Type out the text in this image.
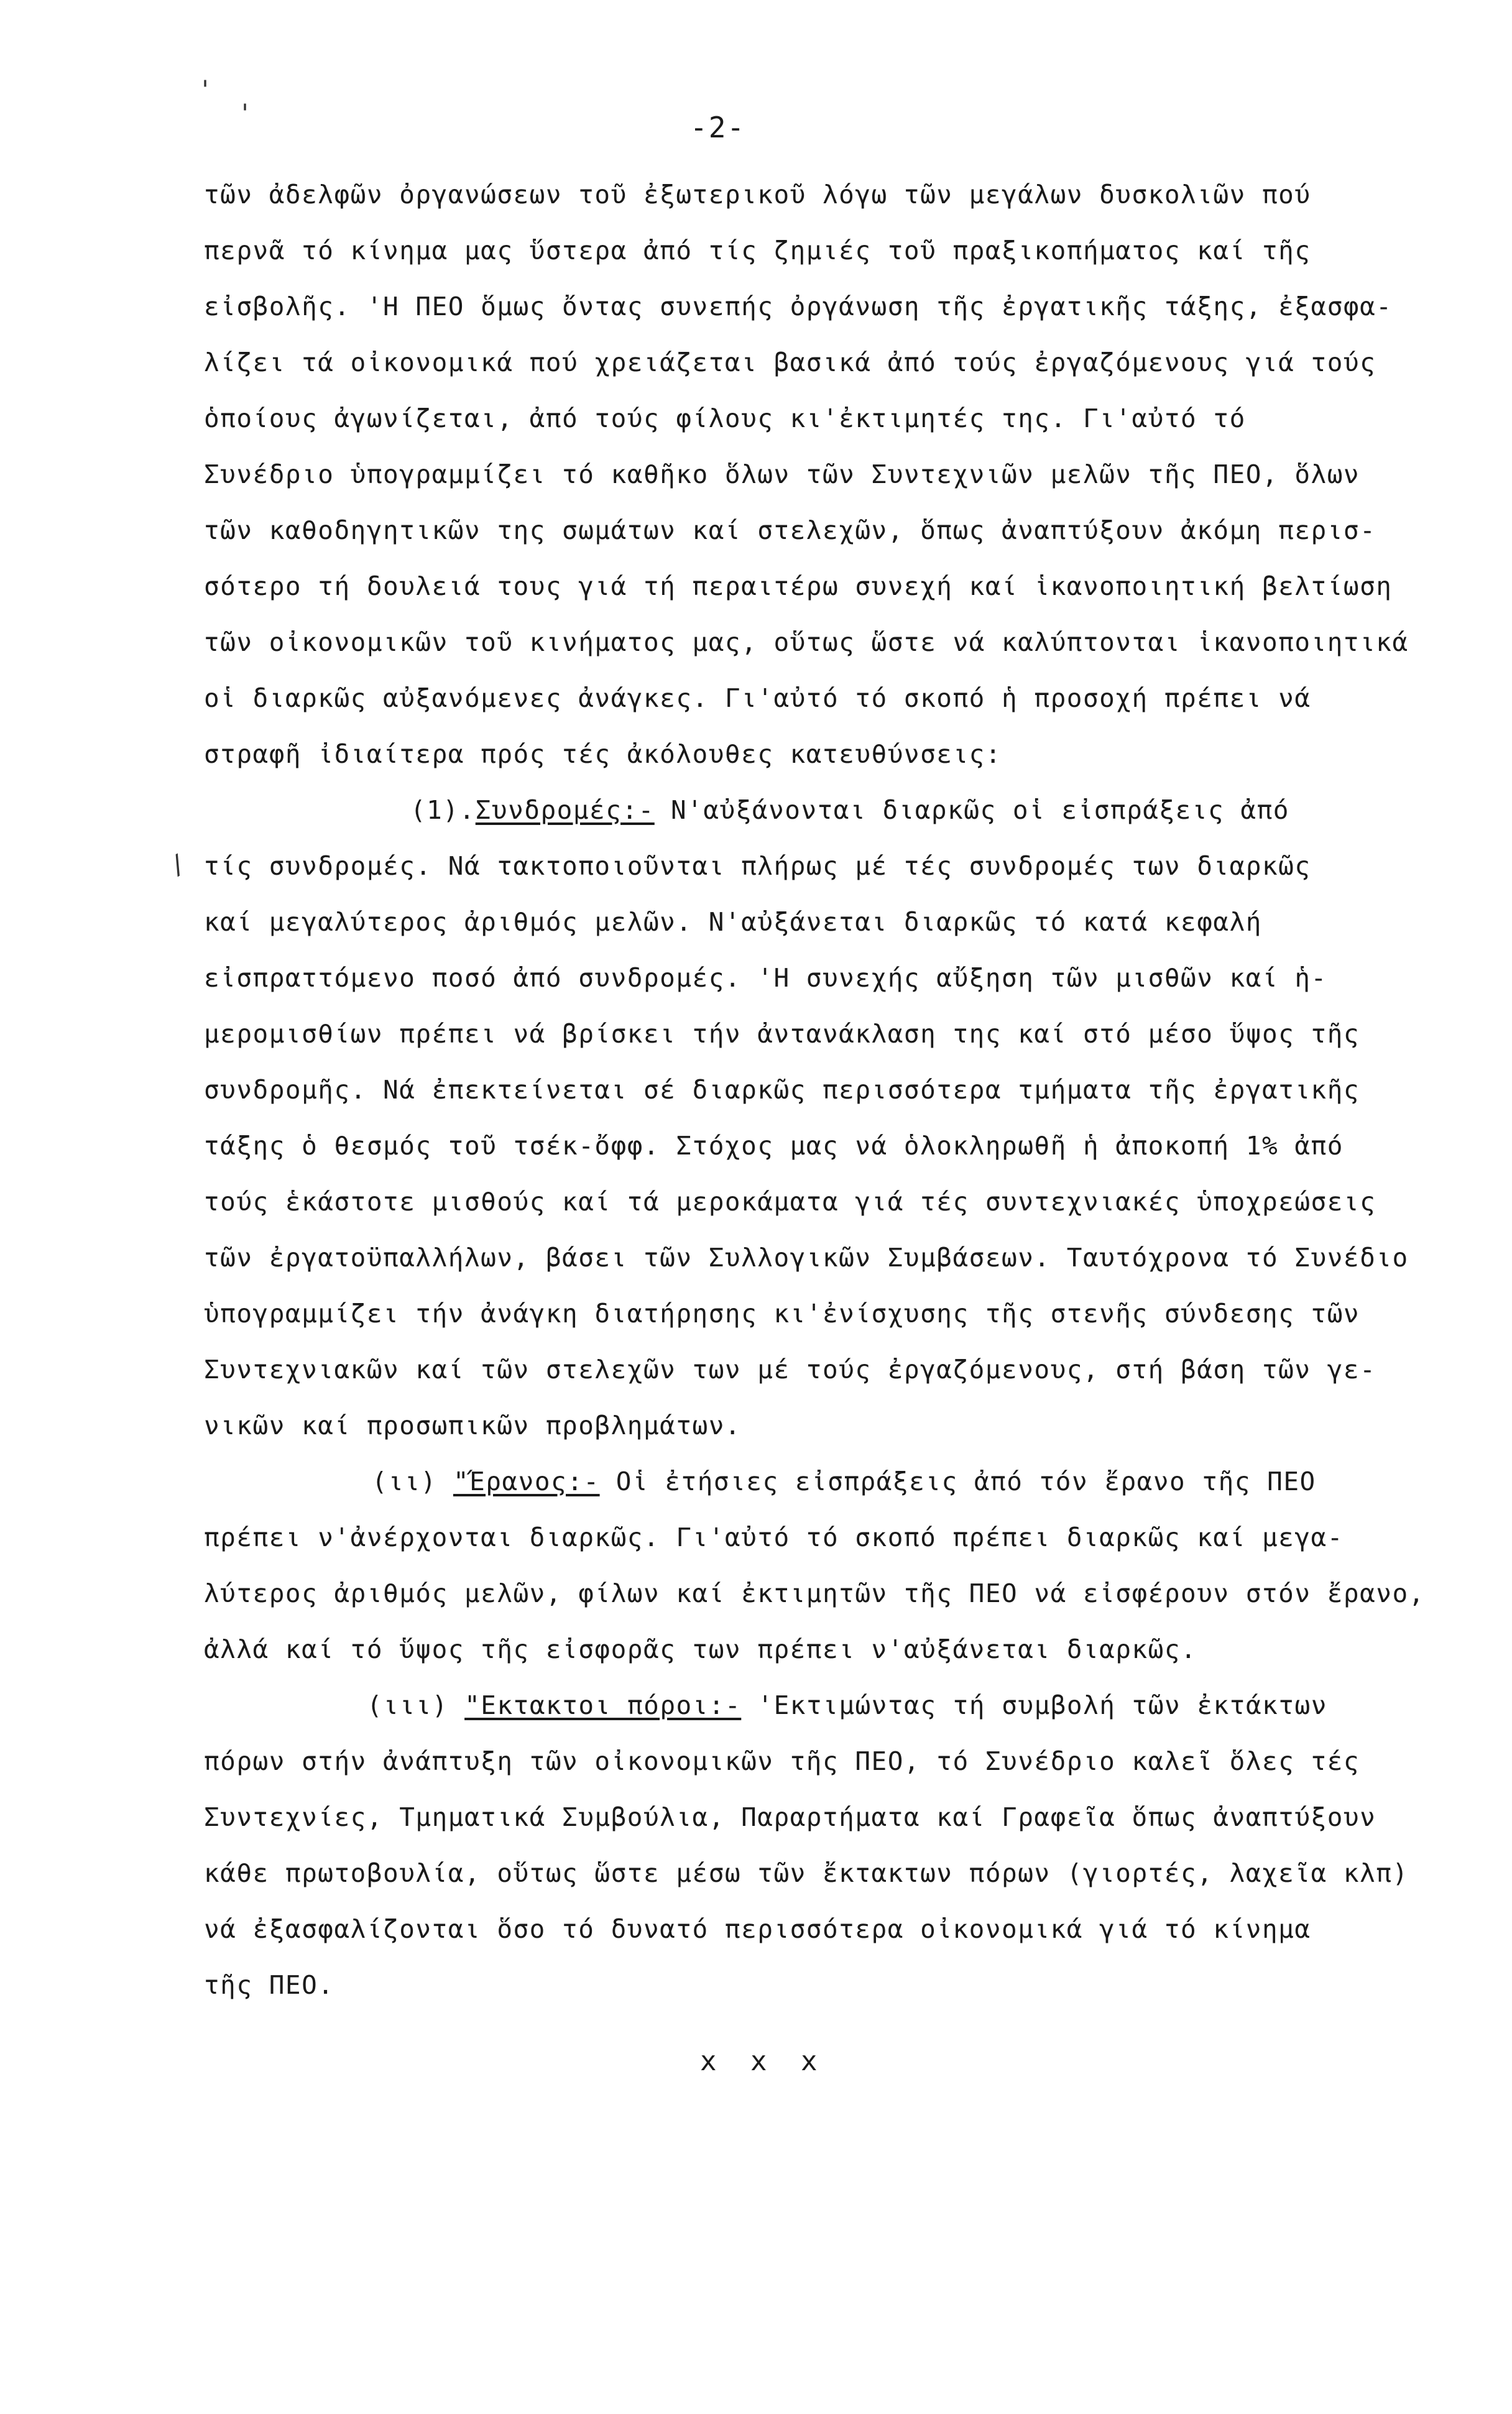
-2-
'
'
/
τῶν ἀδελφῶν ὀργανώσεων τοῦ ἐξωτερικοῦ λόγω τῶν μεγάλων δυσκολιῶν πού
περνᾶ τό κίνημα μας ὕστερα ἀπό τίς ζημιές τοῦ πραξικοπήματος καί τῆς
εἰσβολῆς. 'Η ΠΕΟ ὅμως ὄντας συνεπής ὀργάνωση τῆς ἐργατικῆς τάξης, ἐξασφα-
λίζει τά οἰκονομικά πού χρειάζεται βασικά ἀπό τούς ἐργαζόμενους γιά τούς
ὁποίους ἀγωνίζεται, ἀπό τούς φίλους κι'ἐκτιμητές της. Γι'αὐτό τό
Συνέδριο ὑπογραμμίζει τό καθῆκο ὅλων τῶν Συντεχνιῶν μελῶν τῆς ΠΕΟ, ὅλων
τῶν καθοδηγητικῶν της σωμάτων καί στελεχῶν, ὅπως ἀναπτύξουν ἀκόμη περισ-
σότερο τή δουλειά τους γιά τή περαιτέρω συνεχή καί ἱκανοποιητική βελτίωση
τῶν οἰκονομικῶν τοῦ κινήματος μας, οὕτως ὥστε νά καλύπτονται ἱκανοποιητικά
οἱ διαρκῶς αὐξανόμενες ἀνάγκες. Γι'αὐτό τό σκοπό ἡ προσοχή πρέπει νά
στραφῆ ἰδιαίτερα πρός τές ἀκόλουθες κατευθύνσεις:
(1).Συνδρομές:- Ν'αὐξάνονται διαρκῶς οἱ εἰσπράξεις ἀπό
τίς συνδρομές. Νά τακτοποιοῦνται πλήρως μέ τές συνδρομές των διαρκῶς
καί μεγαλύτερος ἀριθμός μελῶν. Ν'αὐξάνεται διαρκῶς τό κατά κεφαλή
εἰσπραττόμενο ποσό ἀπό συνδρομές. 'Η συνεχής αὔξηση τῶν μισθῶν καί ἡ-
μερομισθίων πρέπει νά βρίσκει τήν ἀντανάκλαση της καί στό μέσο ὕψος τῆς
συνδρομῆς. Νά ἐπεκτείνεται σέ διαρκῶς περισσότερα τμήματα τῆς ἐργατικῆς
τάξης ὁ θεσμός τοῦ τσέκ-ὄφφ. Στόχος μας νά ὁλοκληρωθῆ ἡ ἀποκοπή 1% ἀπό
τούς ἑκάστοτε μισθούς καί τά μεροκάματα γιά τές συντεχνιακές ὑποχρεώσεις
τῶν ἐργατοϋπαλλήλων, βάσει τῶν Συλλογικῶν Συμβάσεων. Ταυτόχρονα τό Συνέδιο
ὑπογραμμίζει τήν ἀνάγκη διατήρησης κι'ἐνίσχυσης τῆς στενῆς σύνδεσης τῶν
Συντεχνιακῶν καί τῶν στελεχῶν των μέ τούς ἐργαζόμενους, στή βάση τῶν γε-
νικῶν καί προσωπικῶν προβλημάτων.
(ιι) "Έρανος:- Οἱ ἐτήσιες εἰσπράξεις ἀπό τόν ἔρανο τῆς ΠΕΟ
πρέπει ν'ἀνέρχονται διαρκῶς. Γι'αὐτό τό σκοπό πρέπει διαρκῶς καί μεγα-
λύτερος ἀριθμός μελῶν, φίλων καί ἐκτιμητῶν τῆς ΠΕΟ νά εἰσφέρουν στόν ἔρανο,
ἀλλά καί τό ὕψος τῆς εἰσφορᾶς των πρέπει ν'αὐξάνεται διαρκῶς.
(ιιι) "Εκτακτοι πόροι:- 'Εκτιμώντας τή συμβολή τῶν ἐκτάκτων
πόρων στήν ἀνάπτυξη τῶν οἰκονομικῶν τῆς ΠΕΟ, τό Συνέδριο καλεῖ ὅλες τές
Συντεχνίες, Τμηματικά Συμβούλια, Παραρτήματα καί Γραφεῖα ὅπως ἀναπτύξουν
κάθε πρωτοβουλία, οὕτως ὥστε μέσω τῶν ἔκτακτων πόρων (γιορτές, λαχεῖα κλπ)
νά ἐξασφαλίζονται ὅσο τό δυνατό περισσότερα οἰκονομικά γιά τό κίνημα
τῆς ΠΕΟ.
x x x
